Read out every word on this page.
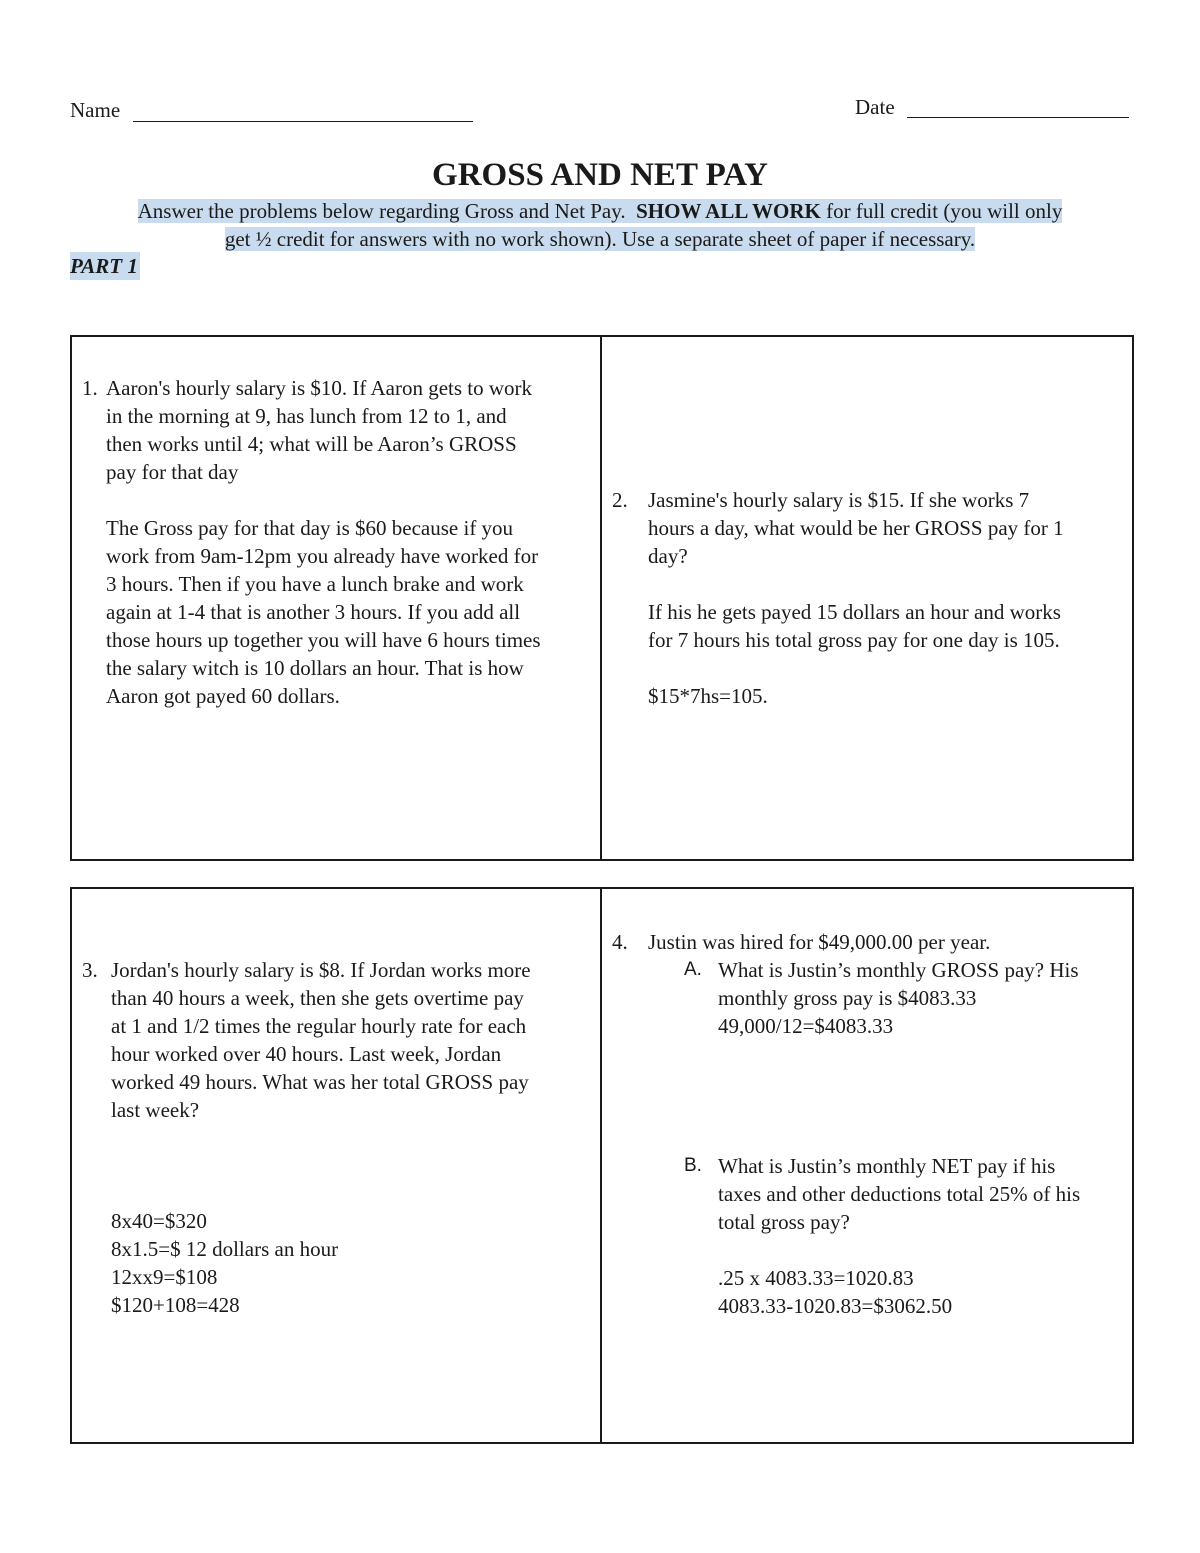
Name	Date
GROSS AND NET PAY
Answer the problems below regarding Gross and Net Pay. SHOW ALL WORK for full credit (you will only
get ½ credit for answers with no work shown). Use a separate sheet of paper if necessary.
PART 1
1. Aaron's hourly salary is $10. If Aaron gets to work
in the morning at 9, has lunch from 12 to 1, and
then works until 4; what will be Aaron’s GROSS
pay for that day

The Gross pay for that day is $60 because if you
work from 9am-12pm you already have worked for
3 hours. Then if you have a lunch brake and work
again at 1-4 that is another 3 hours. If you add all
those hours up together you will have 6 hours times
the salary witch is 10 dollars an hour. That is how
Aaron got payed 60 dollars.

2. Jasmine's hourly salary is $15. If she works 7
hours a day, what would be her GROSS pay for 1
day?

If his he gets payed 15 dollars an hour and works
for 7 hours his total gross pay for one day is 105.

$15*7hs=105.

3. Jordan's hourly salary is $8. If Jordan works more
than 40 hours a week, then she gets overtime pay
at 1 and 1/2 times the regular hourly rate for each
hour worked over 40 hours. Last week, Jordan
worked 49 hours. What was her total GROSS pay
last week?

8x40=$320
8x1.5=$ 12 dollars an hour
12xx9=$108
$120+108=428

4. Justin was hired for $49,000.00 per year.
A. What is Justin’s monthly GROSS pay? His
monthly gross pay is $4083.33
49,000/12=$4083.33

B. What is Justin’s monthly NET pay if his
taxes and other deductions total 25% of his
total gross pay?

.25 x 4083.33=1020.83
4083.33-1020.83=$3062.50
